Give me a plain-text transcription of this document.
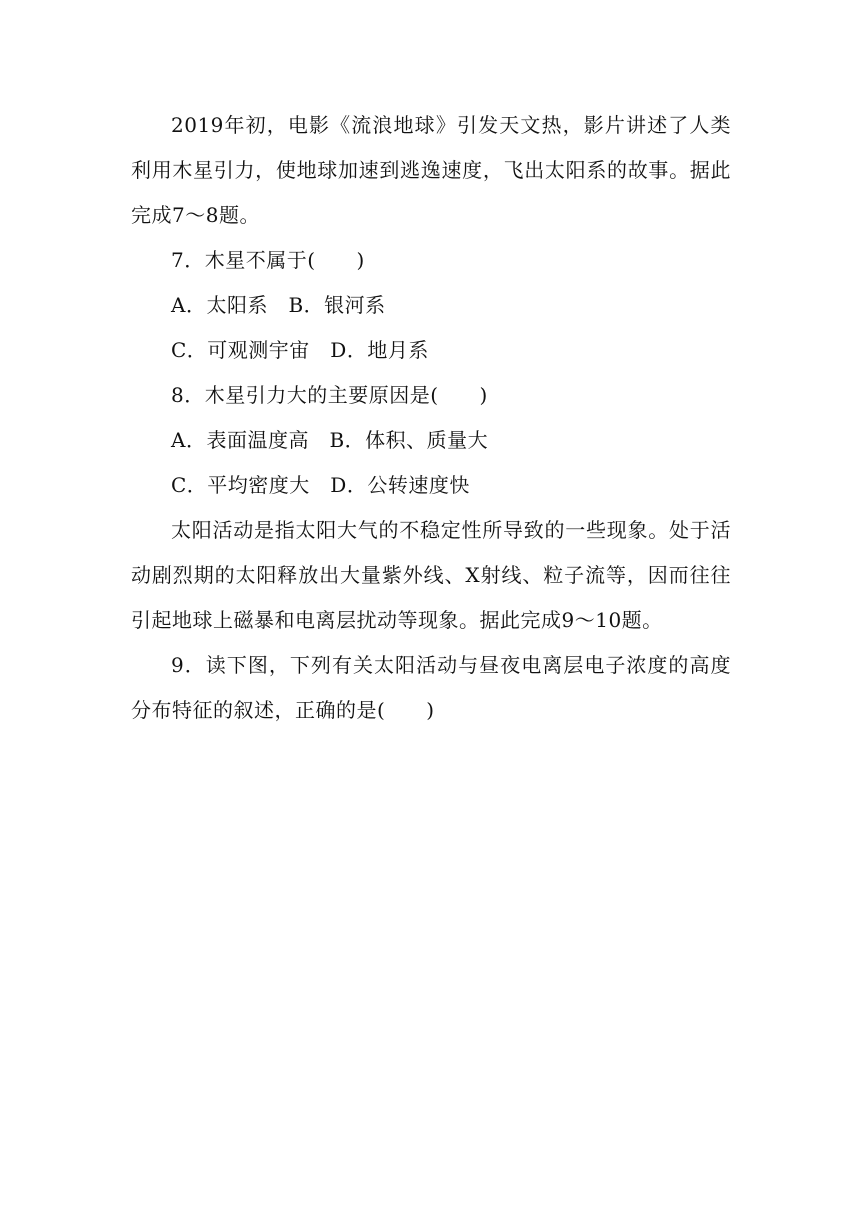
2019年初，电影《流浪地球》引发天文热，影片讲述了人类利用木星引力，使地球加速到逃逸速度，飞出太阳系的故事。据此完成7～8题。

7．木星不属于(　　)

A．太阳系　B．银河系

C．可观测宇宙　D．地月系

8．木星引力大的主要原因是(　　)

A．表面温度高　B．体积、质量大

C．平均密度大　D．公转速度快

太阳活动是指太阳大气的不稳定性所导致的一些现象。处于活动剧烈期的太阳释放出大量紫外线、X射线、粒子流等，因而往往引起地球上磁暴和电离层扰动等现象。据此完成9～10题。

9．读下图，下列有关太阳活动与昼夜电离层电子浓度的高度分布特征的叙述，正确的是(　　)
